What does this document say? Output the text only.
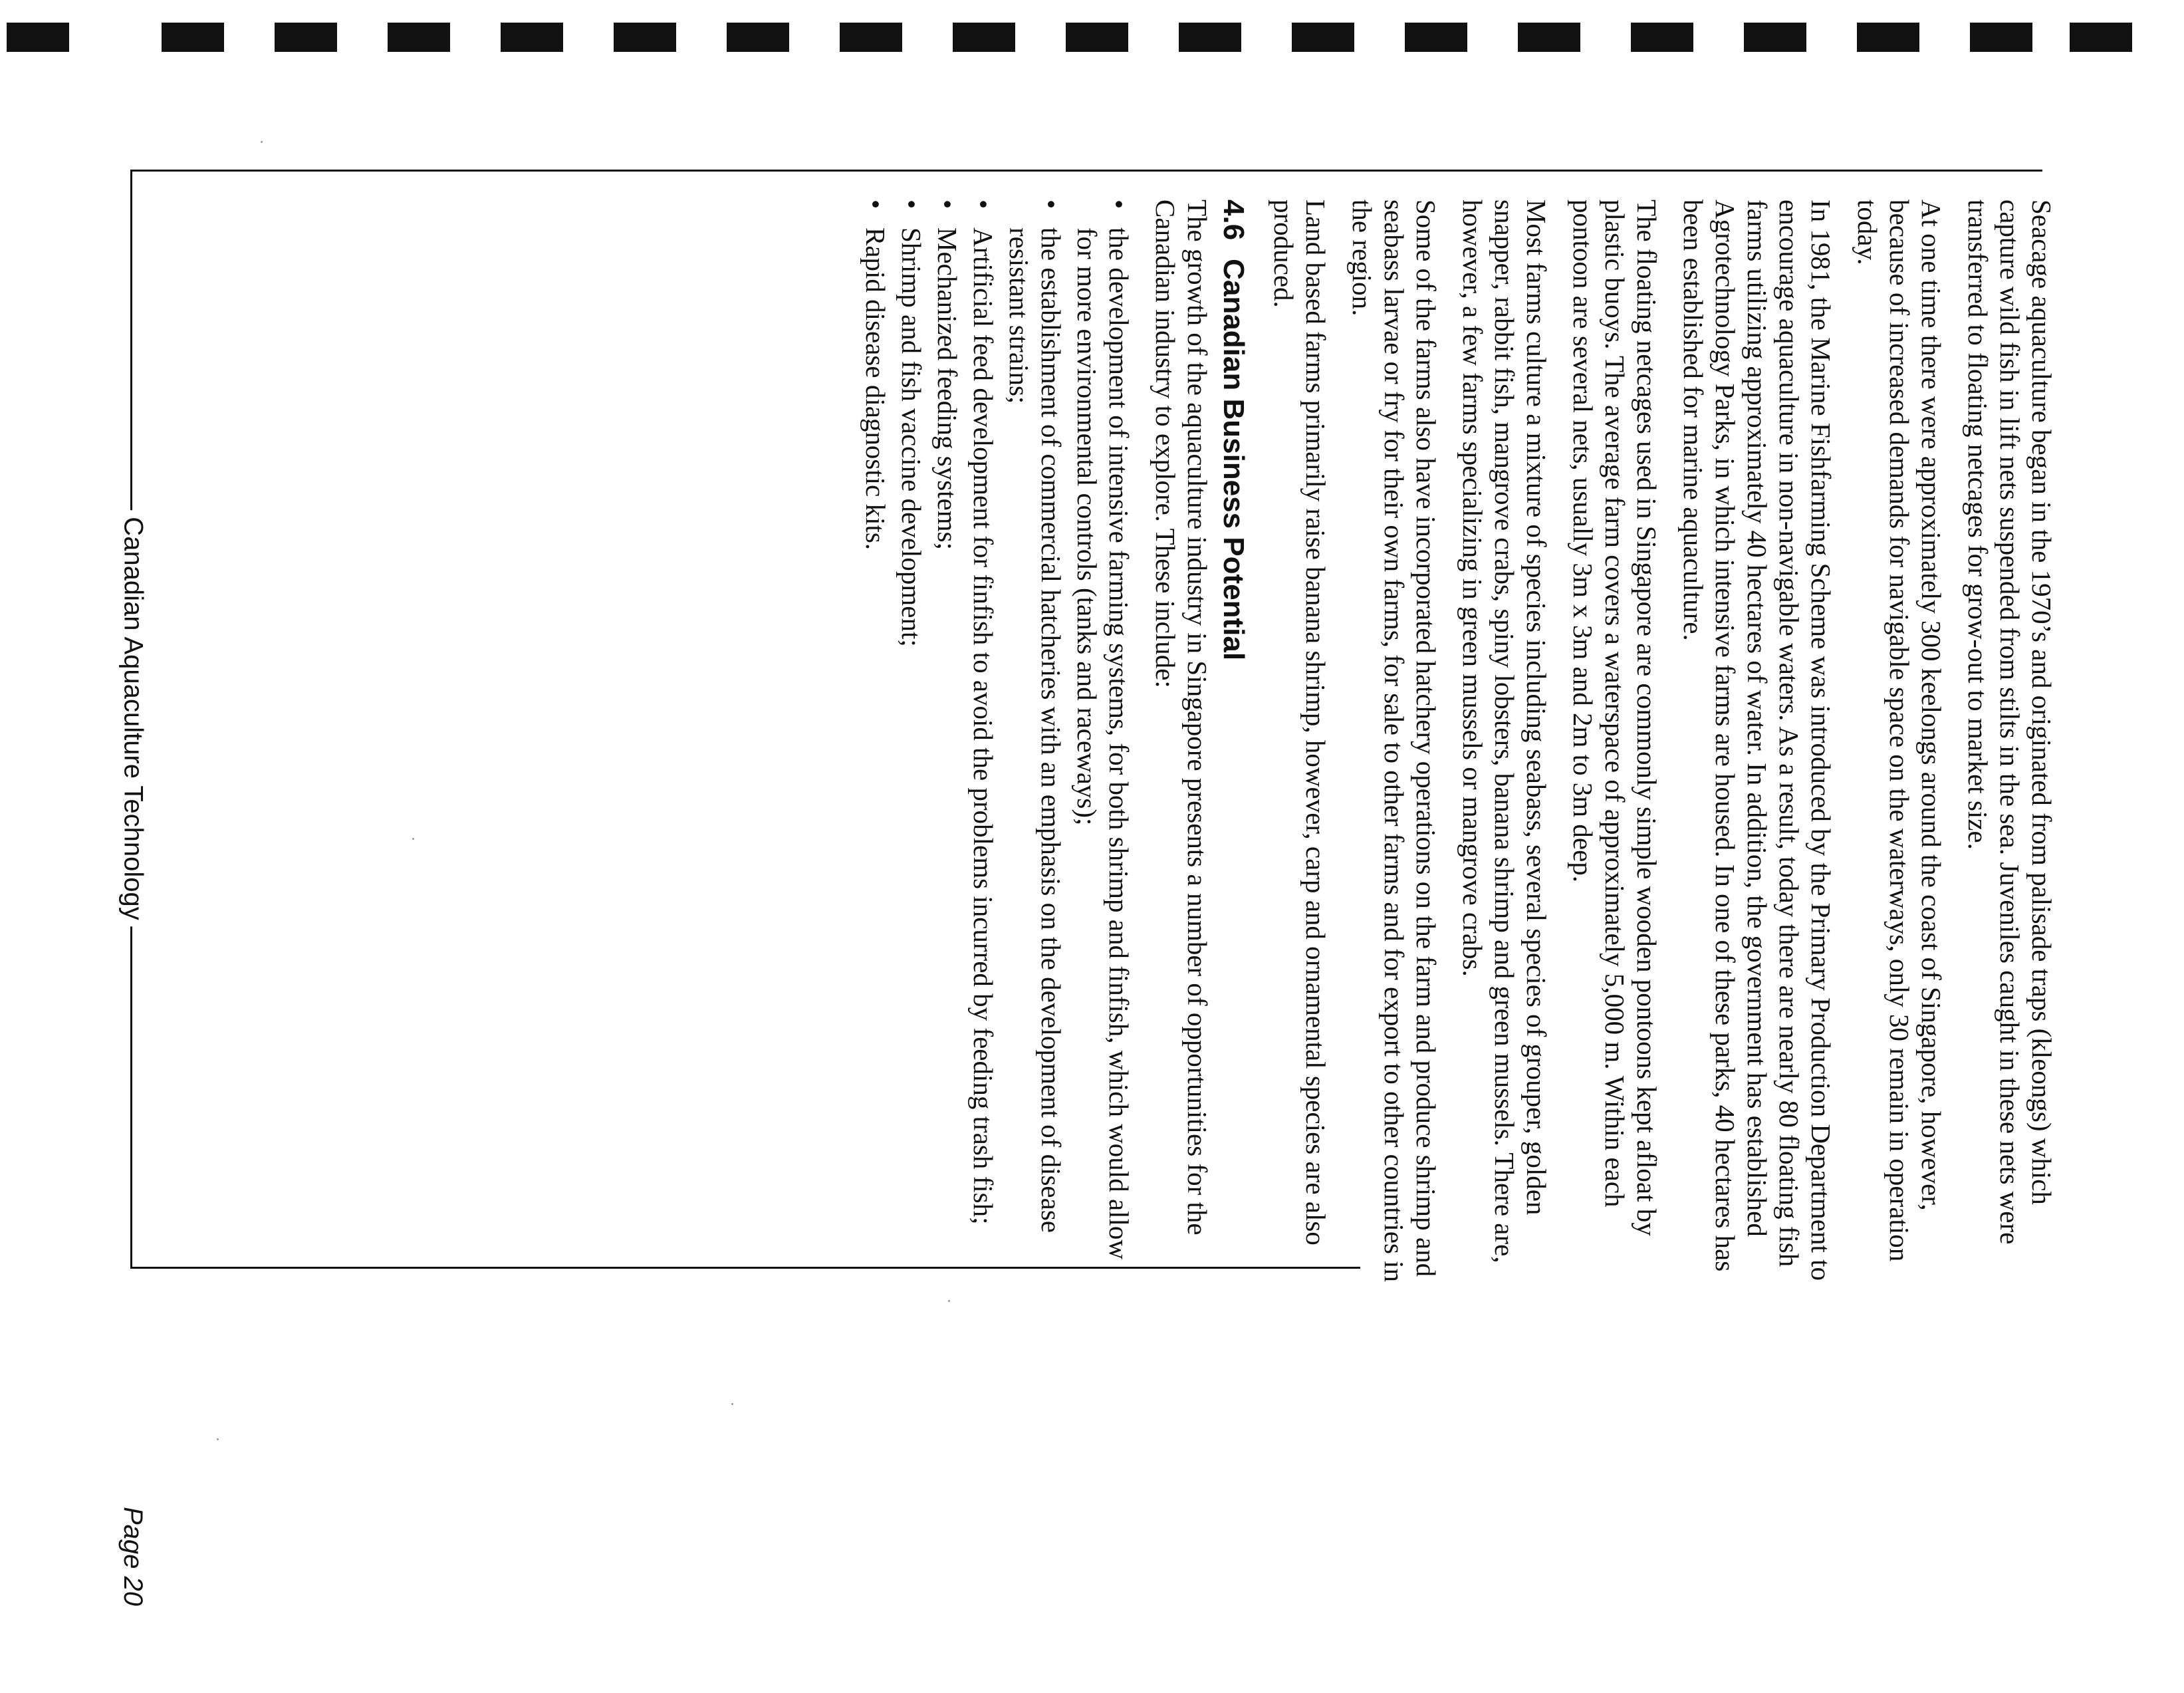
Canadian Aquaculture Technology
Page 20

Seacage aquaculture began in the 1970’s and originated from palisade traps (kleongs) which capture wild fish in lift nets suspended from stilts in the sea. Juveniles caught in these nets were transferred to floating netcages for grow-out to market size.

At one time there were approximately 300 keelongs around the coast of Singapore, however, because of increased demands for navigable space on the waterways, only 30 remain in operation today.

In 1981, the Marine Fishfarming Scheme was introduced by the Primary Production Department to encourage aquaculture in non-navigable waters. As a result, today there are nearly 80 floating fish farms utilizing approximately 40 hectares of water. In addition, the government has established Agrotechnology Parks, in which intensive farms are housed. In one of these parks, 40 hectares has been established for marine aquaculture.

The floating netcages used in Singapore are commonly simple wooden pontoons kept afloat by plastic buoys. The average farm covers a waterspace of approximately 5,000 m. Within each pontoon are several nets, usually 3m x 3m and 2m to 3m deep.

Most farms culture a mixture of species including seabass, several species of grouper, golden snapper, rabbit fish, mangrove crabs, spiny lobsters, banana shrimp and green mussels. There are, however, a few farms specializing in green mussels or mangrove crabs.

Some of the farms also have incorporated hatchery operations on the farm and produce shrimp and seabass larvae or fry for their own farms, for sale to other farms and for export to other countries in the region.

Land based farms primarily raise banana shrimp, however, carp and ornamental species are also produced.

4.6Canadian Business Potential

The growth of the aquaculture industry in Singapore presents a number of opportunities for the Canadian industry to explore. These include:

• the development of intensive farming systems, for both shrimp and finfish, which would allow for more environmental controls (tanks and raceways);
• the establishment of commercial hatcheries with an emphasis on the development of disease resistant strains;
• Artificial feed development for finfish to avoid the problems incurred by feeding trash fish;
• Mechanized feeding systems;
• Shrimp and fish vaccine development;
• Rapid disease diagnostic kits.
